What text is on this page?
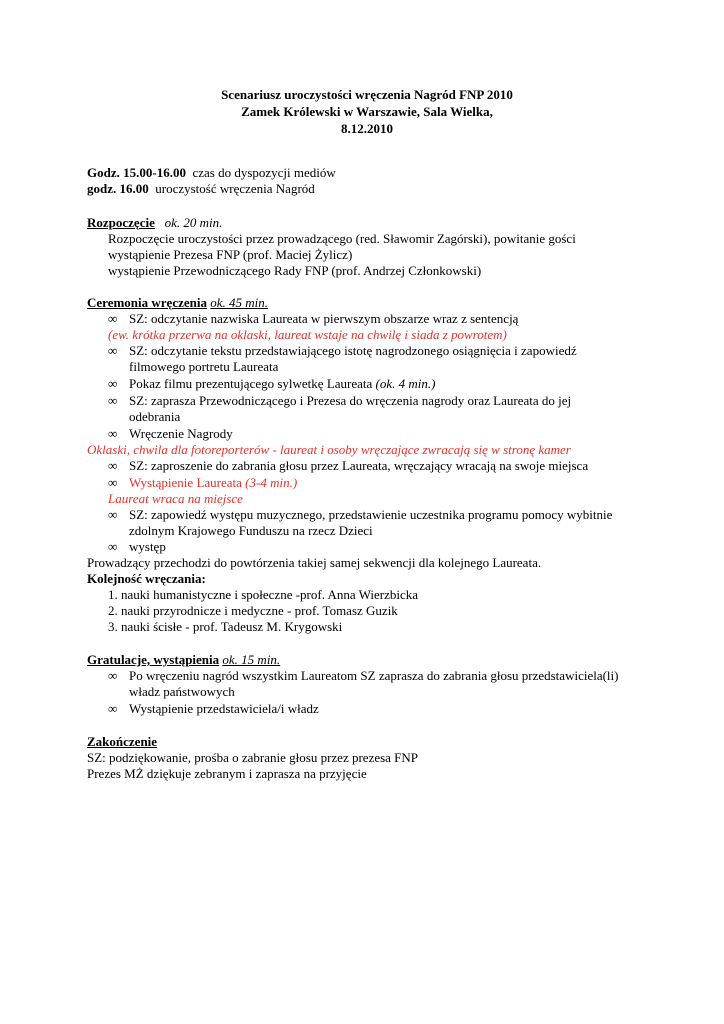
Scenariusz uroczystości wręczenia Nagród FNP 2010
Zamek Królewski w Warszawie, Sala Wielka,
8.12.2010
Godz. 15.00-16.00 czas do dyspozycji mediów
godz. 16.00 uroczystość wręczenia Nagród
Rozpoczęcie ok. 20 min.
Rozpoczęcie uroczystości przez prowadzącego (red. Sławomir Zagórski), powitanie gości
wystąpienie Prezesa FNP (prof. Maciej Żylicz)
wystąpienie Przewodniczącego Rady FNP (prof. Andrzej Członkowski)
Ceremonia wręczenia ok. 45 min.
∞ SZ: odczytanie nazwiska Laureata w pierwszym obszarze wraz z sentencją
(ew. krótka przerwa na oklaski, laureat wstaje na chwilę i siada z powrotem)
∞ SZ: odczytanie tekstu przedstawiającego istotę nagrodzonego osiągnięcia i zapowiedź
filmowego portretu Laureata
∞ Pokaz filmu prezentującego sylwetkę Laureata (ok. 4 min.)
∞ SZ: zaprasza Przewodniczącego i Prezesa do wręczenia nagrody oraz Laureata do jej
odebrania
∞ Wręczenie Nagrody
Oklaski, chwila dla fotoreporterów - laureat i osoby wręczające zwracają się w stronę kamer
∞ SZ: zaproszenie do zabrania głosu przez Laureata, wręczający wracają na swoje miejsca
∞ Wystąpienie Laureata (3-4 min.)
Laureat wraca na miejsce
∞ SZ: zapowiedź występu muzycznego, przedstawienie uczestnika programu pomocy wybitnie
zdolnym Krajowego Funduszu na rzecz Dzieci
∞ występ
Prowadzący przechodzi do powtórzenia takiej samej sekwencji dla kolejnego Laureata.
Kolejność wręczania:
1. nauki humanistyczne i społeczne -prof. Anna Wierzbicka
2. nauki przyrodnicze i medyczne - prof. Tomasz Guzik
3. nauki ścisłe - prof. Tadeusz M. Krygowski
Gratulacje, wystąpienia ok. 15 min.
∞ Po wręczeniu nagród wszystkim Laureatom SZ zaprasza do zabrania głosu przedstawiciela(li)
władz państwowych
∞ Wystąpienie przedstawiciela/i władz
Zakończenie
SZ: podziękowanie, prośba o zabranie głosu przez prezesa FNP
Prezes MŻ dziękuje zebranym i zaprasza na przyjęcie
